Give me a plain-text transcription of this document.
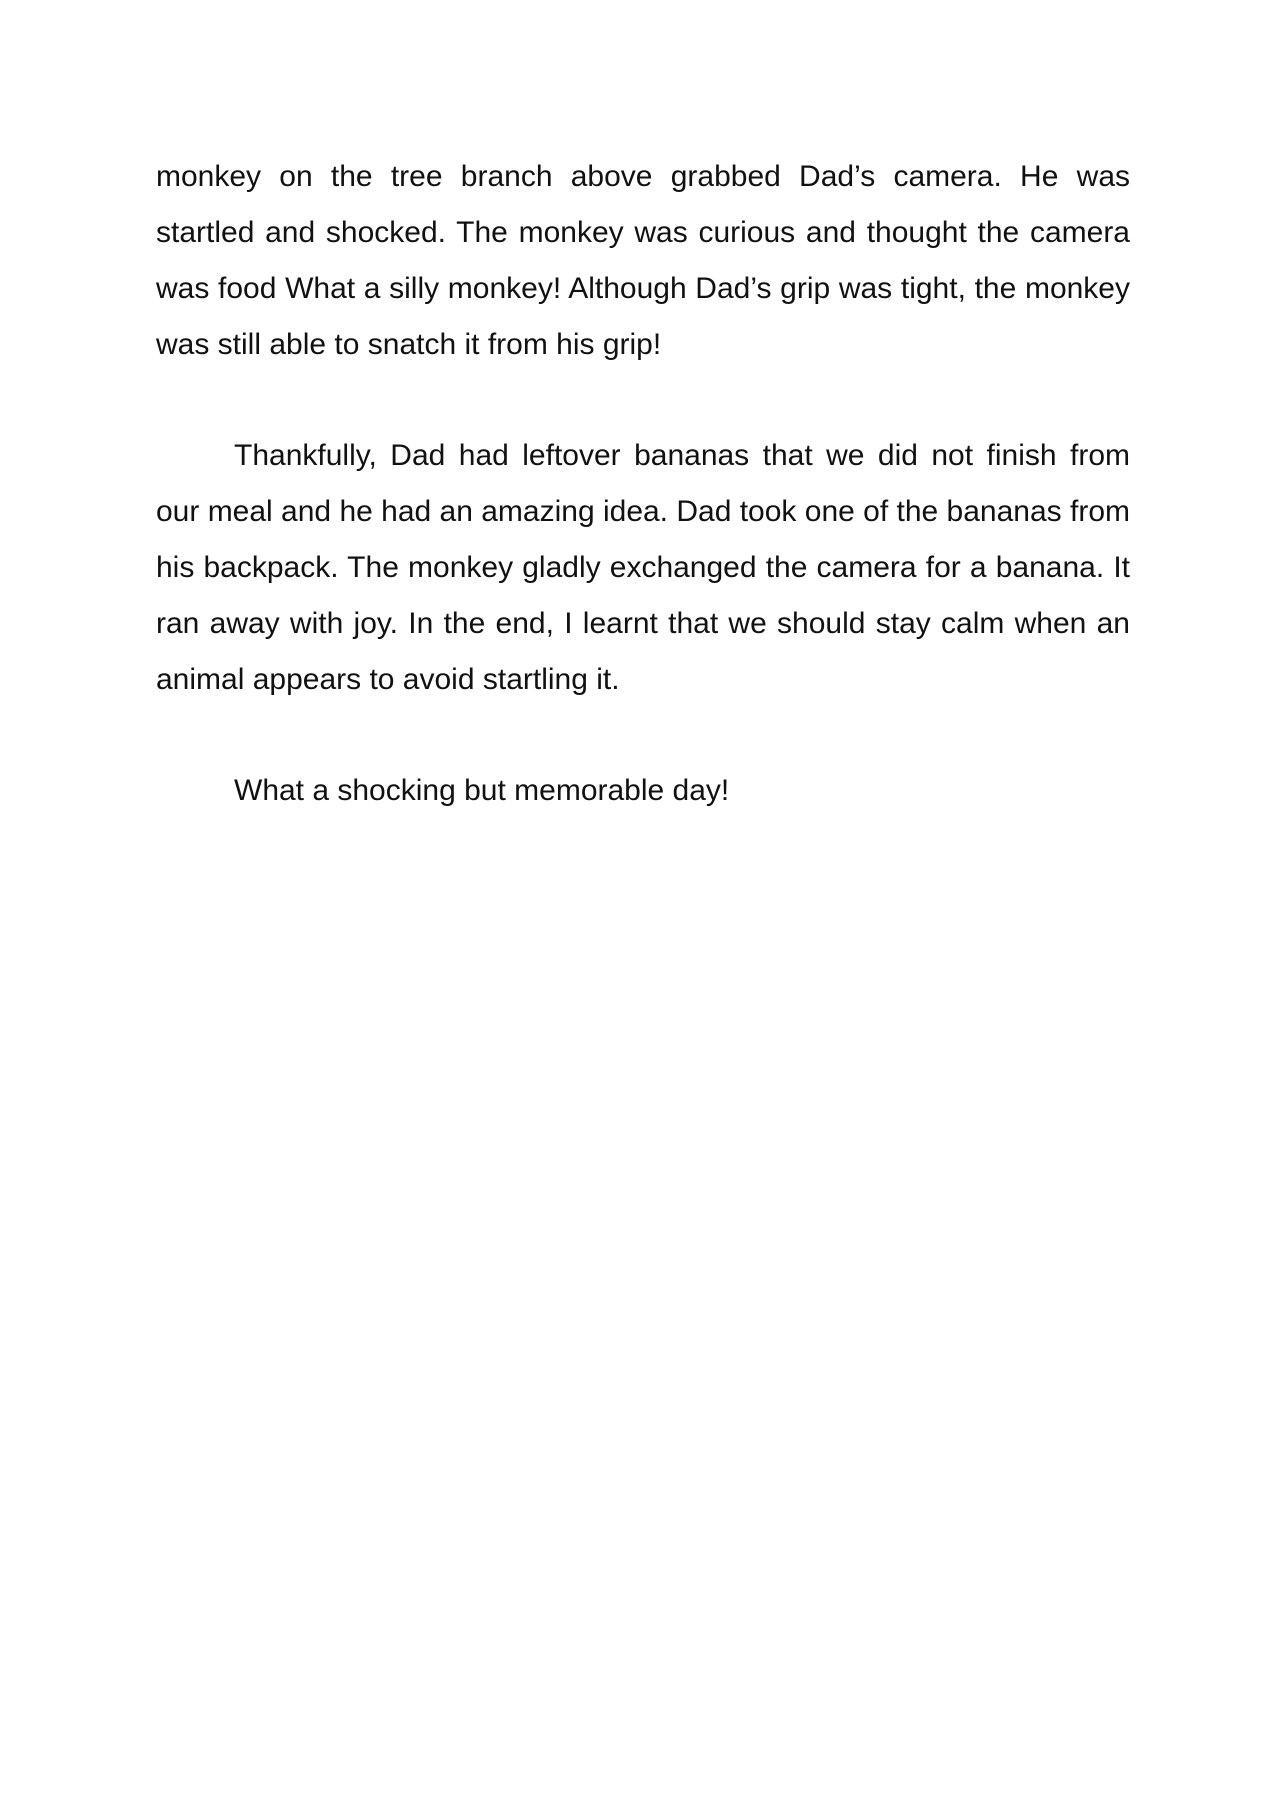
monkey on the tree branch above grabbed Dad’s camera. He was startled and shocked. The monkey was curious and thought the camera was food What a silly monkey! Although Dad’s grip was tight, the monkey was still able to snatch it from his grip!

Thankfully, Dad had leftover bananas that we did not finish from our meal and he had an amazing idea. Dad took one of the bananas from his backpack. The monkey gladly exchanged the camera for a banana. It ran away with joy. In the end, I learnt that we should stay calm when an animal appears to avoid startling it.

What a shocking but memorable day!
